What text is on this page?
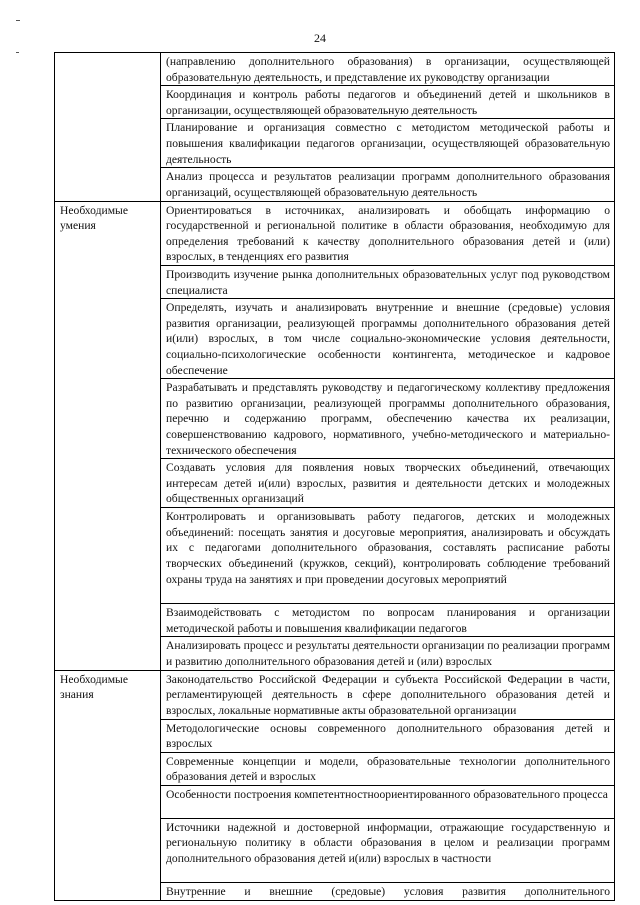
24
	(направлению дополнительного образования) в организации, осуществляющей образовательную деятельность, и представление их руководству организации
	Координация и контроль работы педагогов и объединений детей и школьников в организации, осуществляющей образовательную деятельность
	Планирование и организация совместно с методистом методической работы и повышения квалификации педагогов организации, осуществляющей образовательную деятельность
	Анализ процесса и результатов реализации программ дополнительного образования организаций, осуществляющей образовательную деятельность
Необходимые умения	Ориентироваться в источниках, анализировать и обобщать информацию о государственной и региональной политике в области образования, необходимую для определения требований к качеству дополнительного образования детей и (или) взрослых, в тенденциях его развития
	Производить изучение рынка дополнительных образовательных услуг под руководством специалиста
	Определять, изучать и анализировать внутренние и внешние (средовые) условия развития организации, реализующей программы дополнительного образования детей и(или) взрослых, в том числе социально-экономические условия деятельности, социально-психологические особенности контингента, методическое и кадровое обеспечение
	Разрабатывать и представлять руководству и педагогическому коллективу предложения по развитию организации, реализующей программы дополнительного образования, перечню и содержанию программ, обеспечению качества их реализации, совершенствованию кадрового, нормативного, учебно-методического и материально-технического обеспечения
	Создавать условия для появления новых творческих объединений, отвечающих интересам детей и(или) взрослых, развития и деятельности детских и молодежных общественных организаций
	Контролировать и организовывать работу педагогов, детских и молодежных объединений: посещать занятия и досуговые мероприятия, анализировать и обсуждать их с педагогами дополнительного образования, составлять расписание работы творческих объединений (кружков, секций), контролировать соблюдение требований охраны труда на занятиях и при проведении досуговых мероприятий
	Взаимодействовать с методистом по вопросам планирования и организации методической работы и повышения квалификации педагогов
	Анализировать процесс и результаты деятельности организации по реализации программ и развитию дополнительного образования детей и (или) взрослых
Необходимые знания	Законодательство Российской Федерации и субъекта Российской Федерации в части, регламентирующей деятельность в сфере дополнительного образования детей и взрослых, локальные нормативные акты образовательной организации
	Методологические основы современного дополнительного образования детей и взрослых
	Современные концепции и модели, образовательные технологии дополнительного образования детей и взрослых
	Особенности построения компетентностноориентированного образовательного процесса
	Источники надежной и достоверной информации, отражающие государственную и региональную политику в области образования в целом и реализации программ дополнительного образования детей и(или) взрослых в частности
	Внутренние и внешние (средовые) условия развития дополнительного
